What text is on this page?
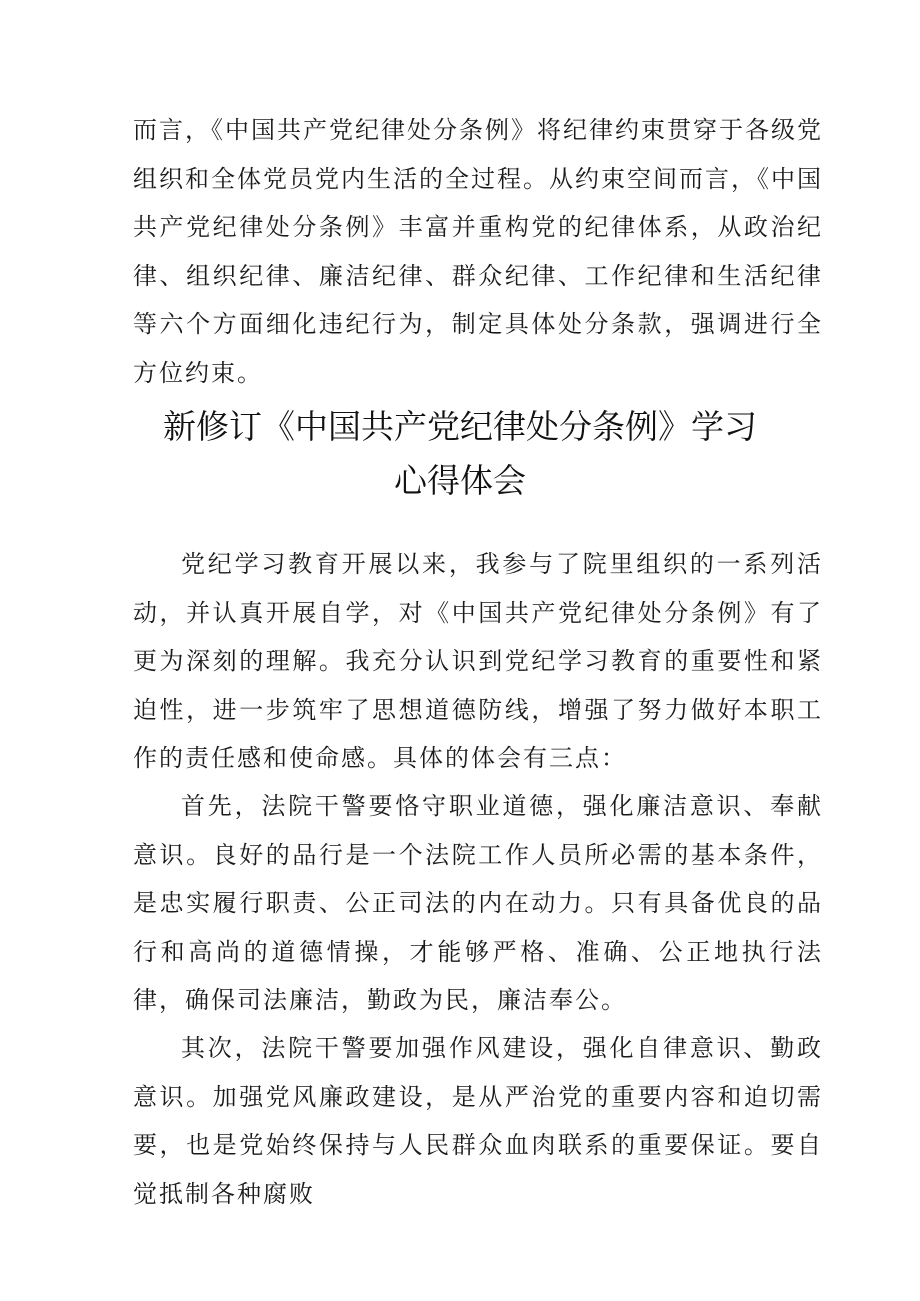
而言，《中国共产党纪律处分条例》将纪律约束贯穿于各级党组织和全体党员党内生活的全过程。从约束空间而言，《中国共产党纪律处分条例》丰富并重构党的纪律体系，从政治纪律、组织纪律、廉洁纪律、群众纪律、工作纪律和生活纪律等六个方面细化违纪行为，制定具体处分条款，强调进行全方位约束。

新修订《中国共产党纪律处分条例》学习
心得体会

党纪学习教育开展以来，我参与了院里组织的一系列活动，并认真开展自学，对《中国共产党纪律处分条例》有了更为深刻的理解。我充分认识到党纪学习教育的重要性和紧迫性，进一步筑牢了思想道德防线，增强了努力做好本职工作的责任感和使命感。具体的体会有三点：

首先，法院干警要恪守职业道德，强化廉洁意识、奉献意识。良好的品行是一个法院工作人员所必需的基本条件，是忠实履行职责、公正司法的内在动力。只有具备优良的品行和高尚的道德情操，才能够严格、准确、公正地执行法律，确保司法廉洁，勤政为民，廉洁奉公。

其次，法院干警要加强作风建设，强化自律意识、勤政意识。加强党风廉政建设，是从严治党的重要内容和迫切需要，也是党始终保持与人民群众血肉联系的重要保证。要自觉抵制各种腐败
